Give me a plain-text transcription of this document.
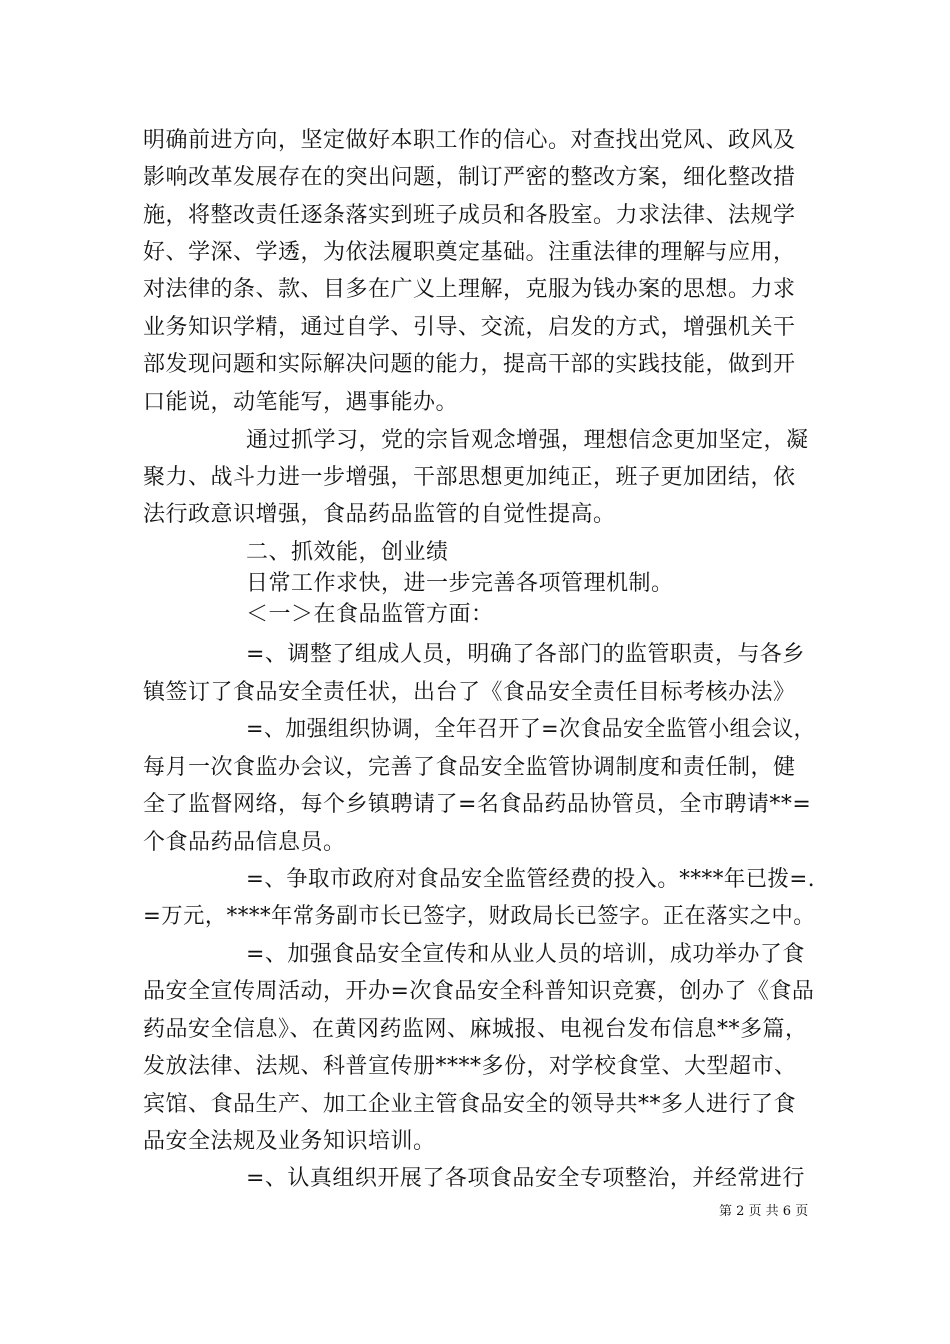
明确前进方向，坚定做好本职工作的信心。对查找出党风、政风及
影响改革发展存在的突出问题，制订严密的整改方案，细化整改措
施，将整改责任逐条落实到班子成员和各股室。力求法律、法规学
好、学深、学透，为依法履职奠定基础。注重法律的理解与应用，
对法律的条、款、目多在广义上理解，克服为钱办案的思想。力求
业务知识学精，通过自学、引导、交流，启发的方式，增强机关干
部发现问题和实际解决问题的能力，提高干部的实践技能，做到开
口能说，动笔能写，遇事能办。
通过抓学习，党的宗旨观念增强，理想信念更加坚定，凝
聚力、战斗力进一步增强，干部思想更加纯正，班子更加团结，依
法行政意识增强，食品药品监管的自觉性提高。
二、抓效能，创业绩
日常工作求快，进一步完善各项管理机制。
＜一＞在食品监管方面：
=、调整了组成人员，明确了各部门的监管职责，与各乡
镇签订了食品安全责任状，出台了《食品安全责任目标考核办法》
=、加强组织协调，全年召开了=次食品安全监管小组会议，
每月一次食监办会议，完善了食品安全监管协调制度和责任制，健
全了监督网络，每个乡镇聘请了=名食品药品协管员，全市聘请**=
个食品药品信息员。
=、争取市政府对食品安全监管经费的投入。****年已拨=.
=万元，****年常务副市长已签字，财政局长已签字。正在落实之中。
=、加强食品安全宣传和从业人员的培训，成功举办了食
品安全宣传周活动，开办=次食品安全科普知识竞赛，创办了《食品
药品安全信息》、在黄冈药监网、麻城报、电视台发布信息**多篇，
发放法律、法规、科普宣传册****多份，对学校食堂、大型超市、
宾馆、食品生产、加工企业主管食品安全的领导共**多人进行了食
品安全法规及业务知识培训。
=、认真组织开展了各项食品安全专项整治，并经常进行
第 2 页 共 6 页
